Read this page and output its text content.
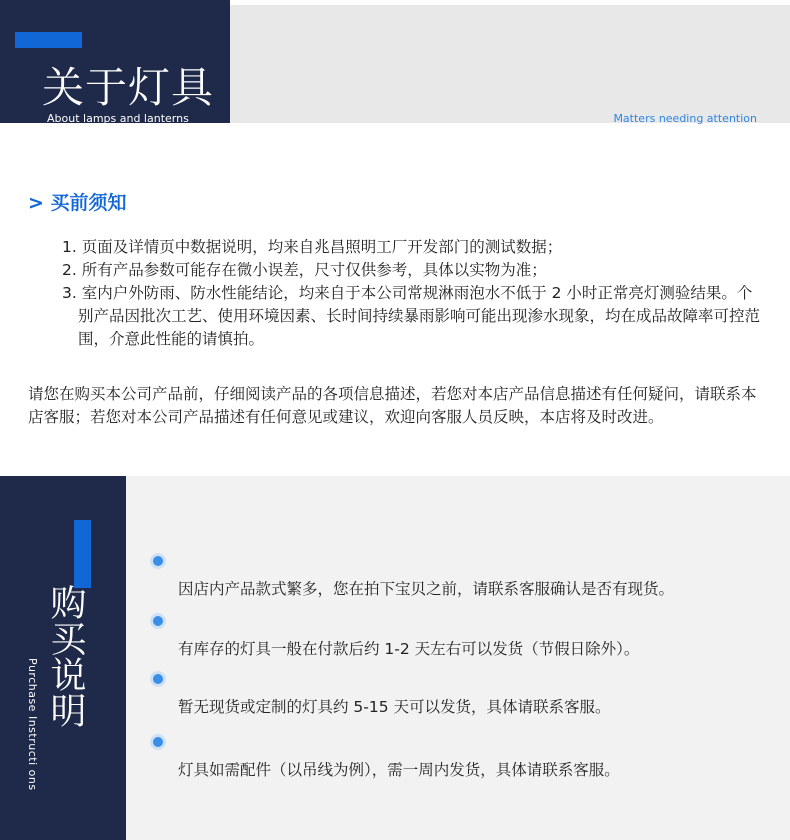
关于灯具
About lamps and lanterns	Matters needing attention
> 买前须知
1. 页面及详情页中数据说明，均来自兆昌照明工厂开发部门的测试数据；
2. 所有产品参数可能存在微小误差，尺寸仅供参考，具体以实物为准；
3. 室内户外防雨、防水性能结论，均来自于本公司常规淋雨泡水不低于 2 小时正常亮灯测验结果。个别产品因批次工艺、使用环境因素、长时间持续暴雨影响可能出现渗水现象，均在成品故障率可控范围，介意此性能的请慎拍。
请您在购买本公司产品前，仔细阅读产品的各项信息描述，若您对本店产品信息描述有任何疑问，请联系本店客服；若您对本公司产品描述有任何意见或建议，欢迎向客服人员反映，本店将及时改进。
购买说明
Purchase Instructi ons
因店内产品款式繁多，您在拍下宝贝之前，请联系客服确认是否有现货。
有库存的灯具一般在付款后约 1-2 天左右可以发货（节假日除外）。
暂无现货或定制的灯具约 5-15 天可以发货，具体请联系客服。
灯具如需配件（以吊线为例），需一周内发货，具体请联系客服。
